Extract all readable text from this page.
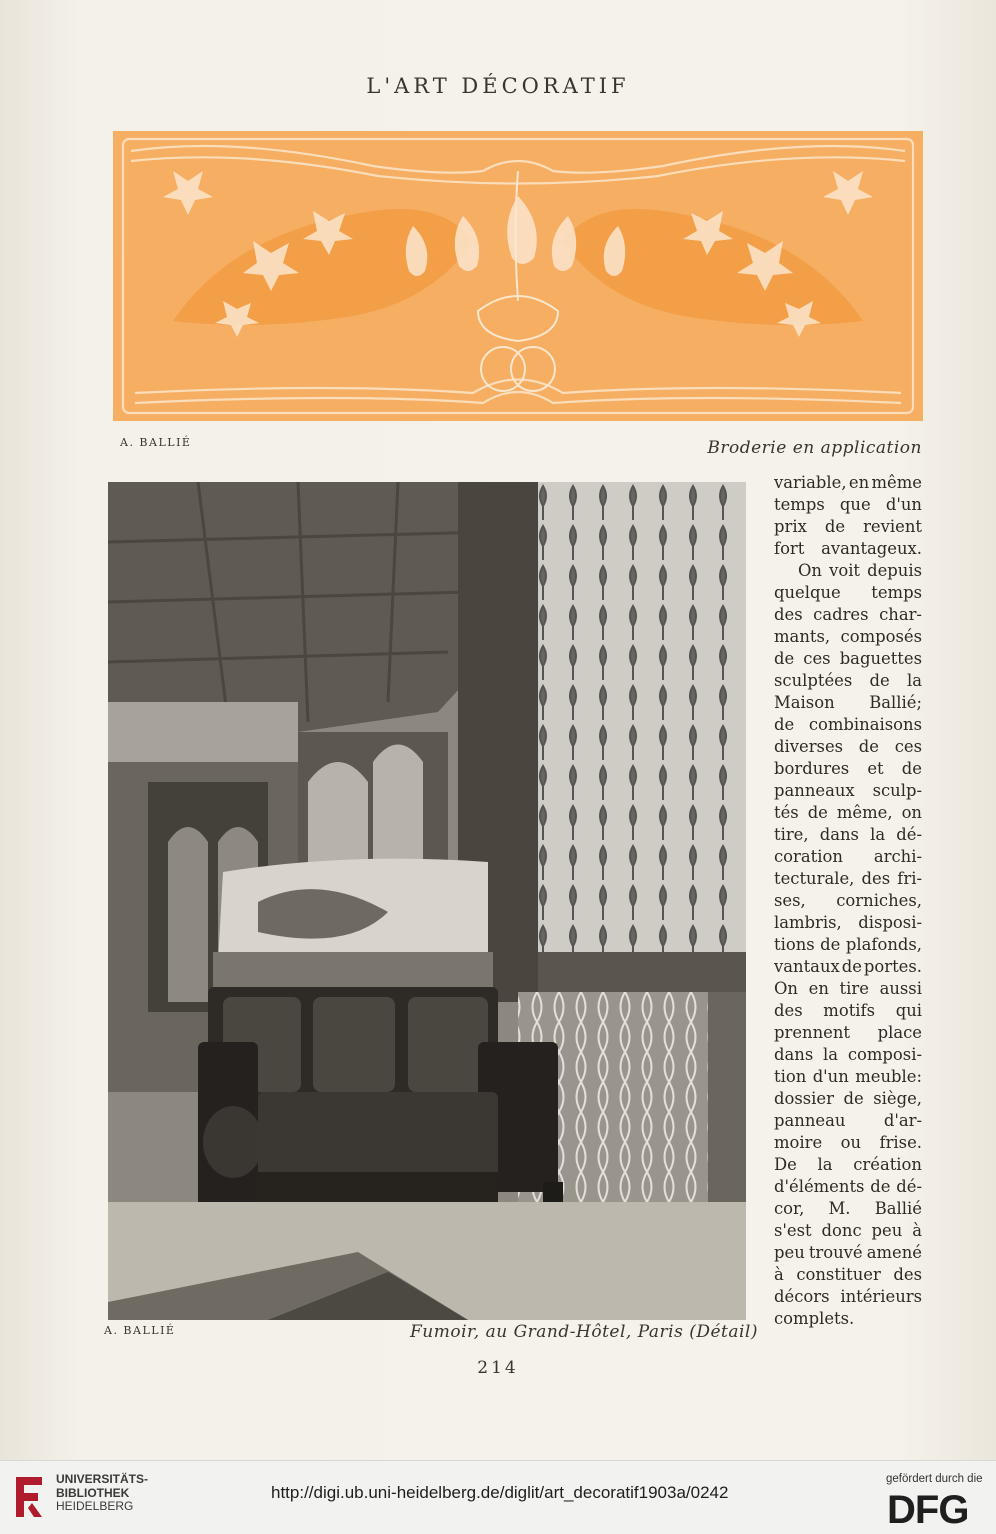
L'ART DÉCORATIF
A. BALLIÉ	Broderie en application
A. BALLIÉ	Fumoir, au Grand-Hôtel, Paris (Détail)
variable, en même
temps que d'un
prix de revient
fort avantageux.
On voit depuis
quelque temps
des cadres char-
mants, composés
de ces baguettes
sculptées de la
Maison Ballié;
de combinaisons
diverses de ces
bordures et de
panneaux sculp-
tés de même, on
tire, dans la dé-
coration archi-
tecturale, des fri-
ses, corniches,
lambris, disposi-
tions de plafonds,
vantaux de portes.
On en tire aussi
des motifs qui
prennent place
dans la composi-
tion d'un meuble:
dossier de siège,
panneau d'ar-
moire ou frise.
De la création
d'éléments de dé-
cor, M. Ballié
s'est donc peu à
peu trouvé amené
à constituer des
décors intérieurs
complets.
214
UNIVERSITÄTS-
BIBLIOTHEK
HEIDELBERG
http://digi.ub.uni-heidelberg.de/diglit/art_decoratif1903a/0242
gefördert durch die
DFG
